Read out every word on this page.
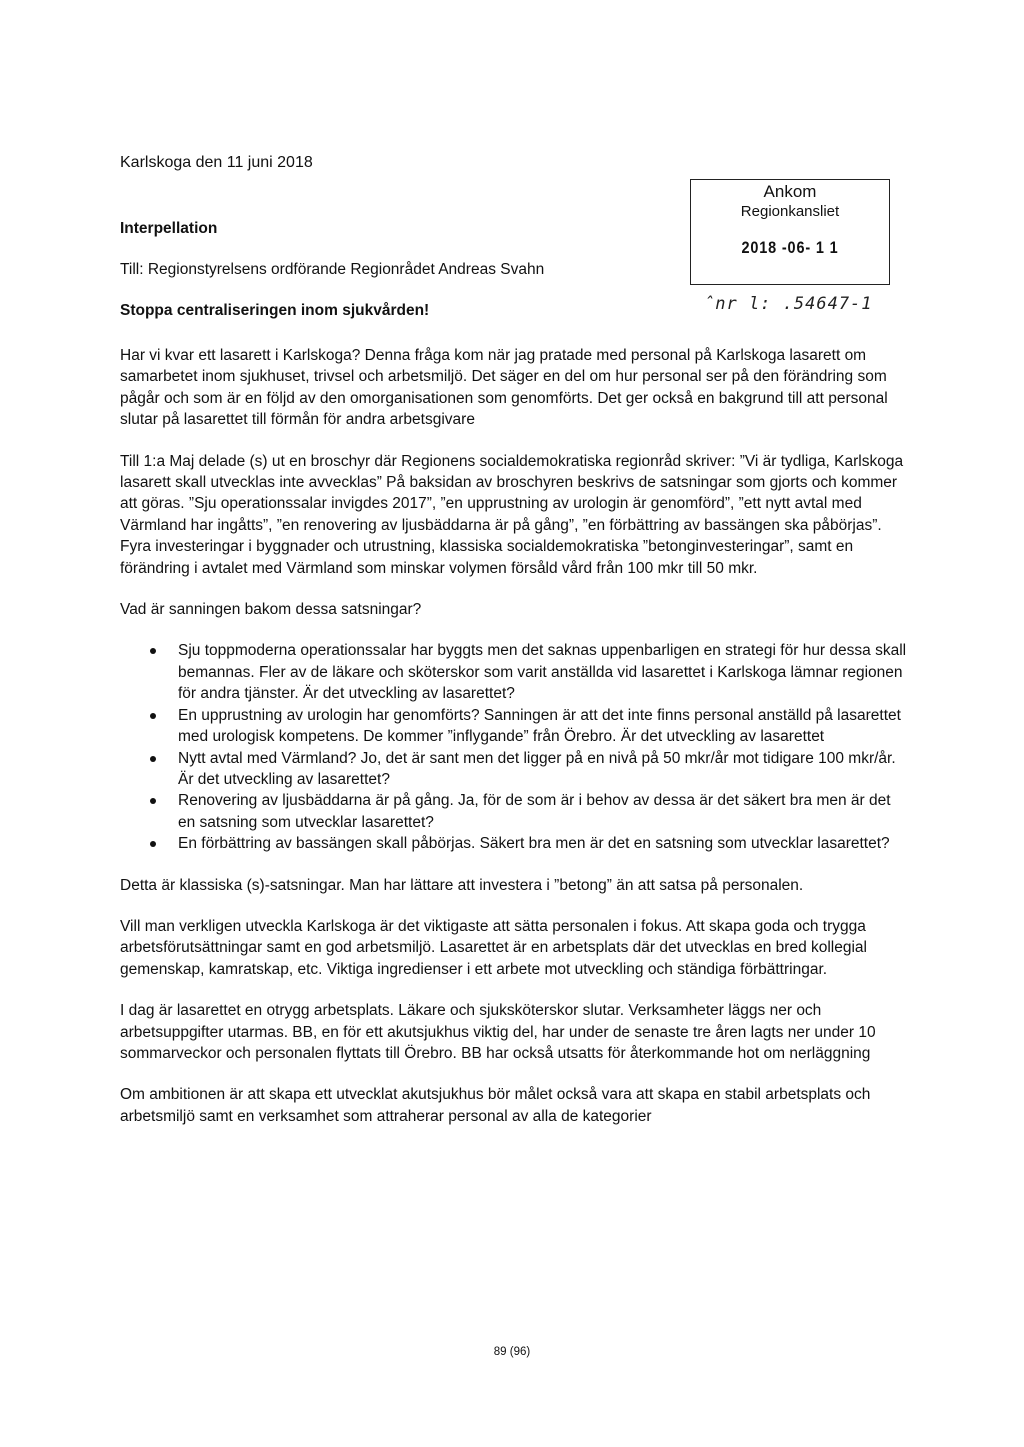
Karlskoga den 11 juni 2018
Interpellation
Till: Regionstyrelsens ordförande Regionrådet Andreas Svahn
Stoppa centraliseringen inom sjukvården!
Ankom
Regionkansliet
2018 -06- 1 1
ˆnr l: .54647-1

Har vi kvar ett lasarett i Karlskoga? Denna fråga kom när jag pratade med personal på Karlskoga lasarett om samarbetet inom sjukhuset, trivsel och arbetsmiljö. Det säger en del om hur personal ser på den förändring som pågår och som är en följd av den omorganisationen som genomförts. Det ger också en bakgrund till att personal slutar på lasarettet till förmån för andra arbetsgivare

Till 1:a Maj delade (s) ut en broschyr där Regionens socialdemokratiska regionråd skriver: ”Vi är tydliga, Karlskoga lasarett skall utvecklas inte avvecklas” På baksidan av broschyren beskrivs de satsningar som gjorts och kommer att göras. ”Sju operationssalar invigdes 2017”, ”en upprustning av urologin är genomförd”, ”ett nytt avtal med Värmland har ingåtts”, ”en renovering av ljusbäddarna är på gång”, ”en förbättring av bassängen ska påbörjas”.

Fyra investeringar i byggnader och utrustning, klassiska socialdemokratiska ”betonginvesteringar”, samt en förändring i avtalet med Värmland som minskar volymen försåld vård från 100 mkr till 50 mkr.

Vad är sanningen bakom dessa satsningar?

Sju toppmoderna operationssalar har byggts men det saknas uppenbarligen en strategi för hur dessa skall bemannas. Fler av de läkare och sköterskor som varit anställda vid lasarettet i Karlskoga lämnar regionen för andra tjänster. Är det utveckling av lasarettet?
En upprustning av urologin har genomförts? Sanningen är att det inte finns personal anställd på lasarettet med urologisk kompetens. De kommer ”inflygande” från Örebro. Är det utveckling av lasarettet
Nytt avtal med Värmland? Jo, det är sant men det ligger på en nivå på 50 mkr/år mot tidigare 100 mkr/år. Är det utveckling av lasarettet?
Renovering av ljusbäddarna är på gång. Ja, för de som är i behov av dessa är det säkert bra men är det en satsning som utvecklar lasarettet?
En förbättring av bassängen skall påbörjas. Säkert bra men är det en satsning som utvecklar lasarettet?

Detta är klassiska (s)-satsningar. Man har lättare att investera i ”betong” än att satsa på personalen.

Vill man verkligen utveckla Karlskoga är det viktigaste att sätta personalen i fokus. Att skapa goda och trygga arbetsförutsättningar samt en god arbetsmiljö. Lasarettet är en arbetsplats där det utvecklas en bred kollegial gemenskap, kamratskap, etc. Viktiga ingredienser i ett arbete mot utveckling och ständiga förbättringar.

I dag är lasarettet en otrygg arbetsplats. Läkare och sjuksköterskor slutar. Verksamheter läggs ner och arbetsuppgifter utarmas. BB, en för ett akutsjukhus viktig del, har under de senaste tre åren lagts ner under 10 sommarveckor och personalen flyttats till Örebro. BB har också utsatts för återkommande hot om nerläggning

Om ambitionen är att skapa ett utvecklat akutsjukhus bör målet också vara att skapa en stabil arbetsplats och arbetsmiljö samt en verksamhet som attraherar personal av alla de kategorier

89 (96)
